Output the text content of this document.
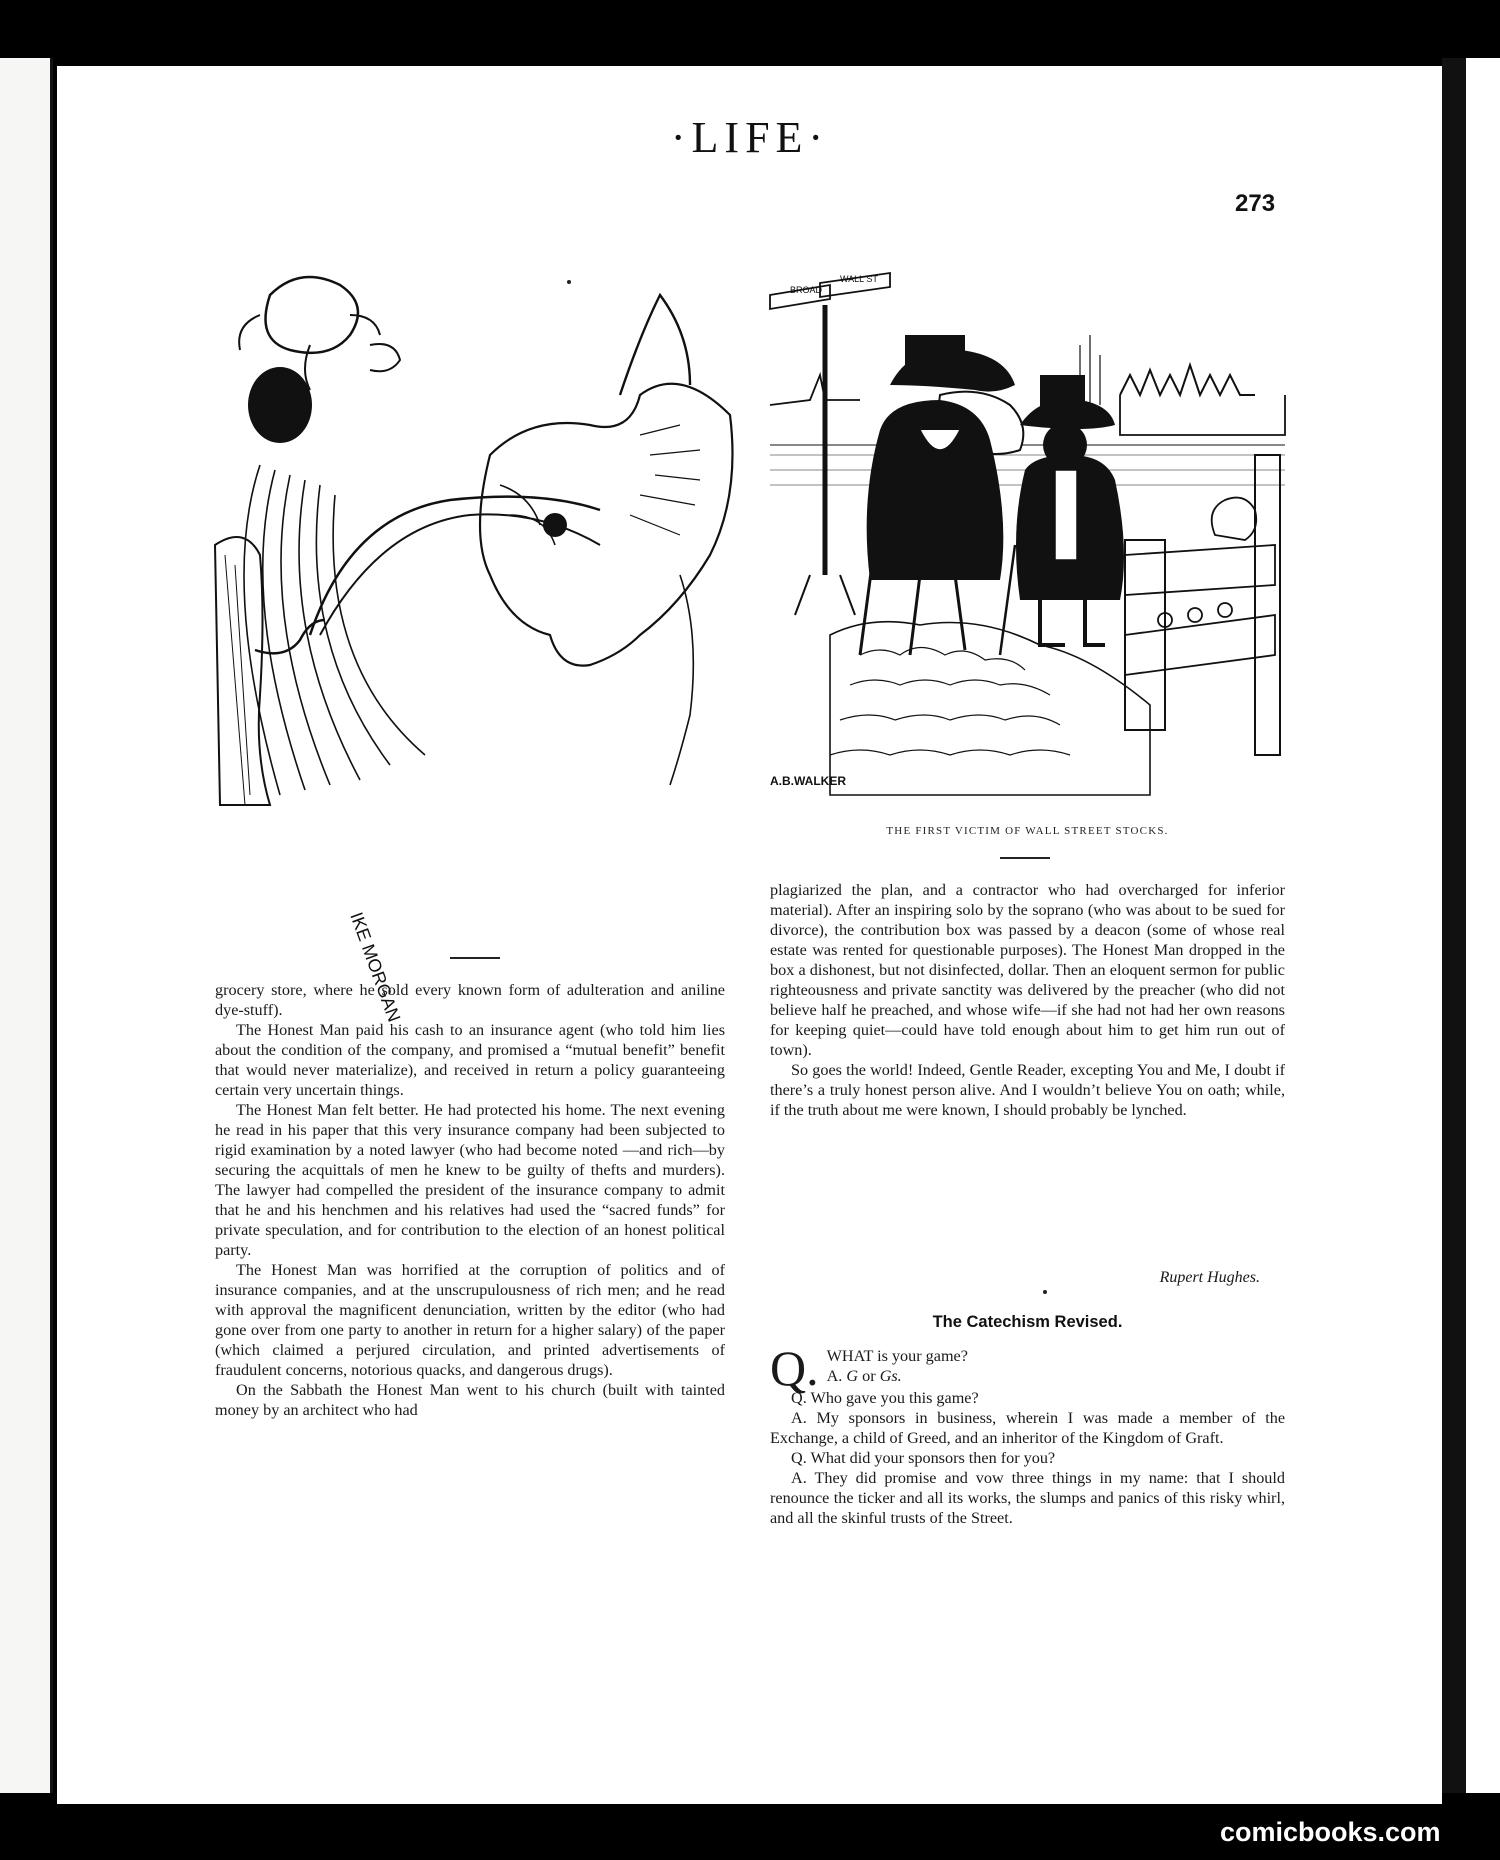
·LIFE·
273
IKE MORGAN
BROAD
WALL ST
A.B.WALKER
THE FIRST VICTIM OF WALL STREET STOCKS.

grocery store, where he sold every known form of adulteration and aniline dye-stuff).

The Honest Man paid his cash to an insurance agent (who told him lies about the condition of the company, and promised a “mutual benefit” benefit that would never materialize), and received in return a policy guaranteeing certain very uncertain things.

The Honest Man felt better. He had protected his home. The next evening he read in his paper that this very insurance company had been subjected to rigid examination by a noted lawyer (who had become noted —and rich—by securing the acquittals of men he knew to be guilty of thefts and murders). The lawyer had compelled the president of the insurance company to admit that he and his henchmen and his relatives had used the “sacred funds” for private speculation, and for contribution to the election of an honest political party.

The Honest Man was horrified at the corruption of politics and of insurance companies, and at the unscrupulousness of rich men; and he read with approval the magnificent denunciation, written by the editor (who had gone over from one party to another in return for a higher salary) of the paper (which claimed a perjured circulation, and printed advertisements of fraudulent concerns, notorious quacks, and dangerous drugs).

On the Sabbath the Honest Man went to his church (built with tainted money by an architect who had

plagiarized the plan, and a contractor who had overcharged for inferior material). After an inspiring solo by the soprano (who was about to be sued for divorce), the contribution box was passed by a deacon (some of whose real estate was rented for questionable purposes). The Honest Man dropped in the box a dishonest, but not disinfected, dollar. Then an eloquent sermon for public righteousness and private sanctity was delivered by the preacher (who did not believe half he preached, and whose wife—if she had not had her own reasons for keeping quiet—could have told enough about him to get him run out of town).

So goes the world! Indeed, Gentle Reader, excepting You and Me, I doubt if there’s a truly honest person alive. And I wouldn’t believe You on oath; while, if the truth about me were known, I should probably be lynched.

Rupert Hughes.
The Catechism Revised.
Q. WHAT is your game?

A. G or Gs.

Q. Who gave you this game?

A. My sponsors in business, wherein I was made a member of the Exchange, a child of Greed, and an inheritor of the Kingdom of Graft.

Q. What did your sponsors then for you?

A. They did promise and vow three things in my name: that I should renounce the ticker and all its works, the slumps and panics of this risky whirl, and all the skinful trusts of the Street.

comicbooks.com
